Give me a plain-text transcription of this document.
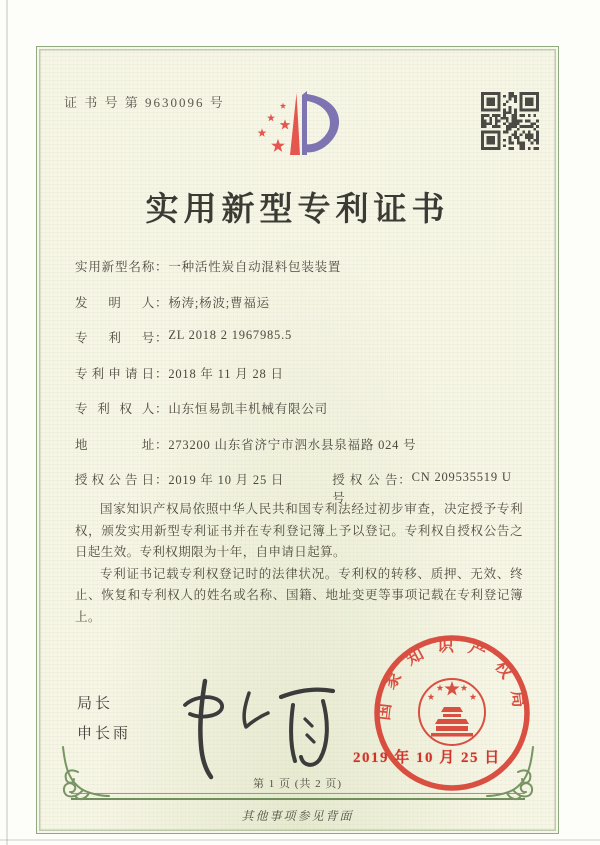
证 书 号 第 9630096 号
实用新型专利证书
实用新型名称 ： 一种活性炭自动混料包装装置
发明人 ： 杨涛;杨波;曹福运
专利号 ： ZL 2018 2 1967985.5
专利申请日 ： 2018 年 11 月 28 日
专利权人 ： 山东恒易凯丰机械有限公司
地址 ： 273200 山东省济宁市泗水县泉福路 024 号
授权公告日 ： 2019 年 10 月 25 日	授权公告号
： CN 209535519 U

国家知识产权局依照中华人民共和国专利法经过初步审查，决定授予专利权，颁发实用新型专利证书并在专利登记簿上予以登记。专利权自授权公告之日起生效。专利权期限为十年，自申请日起算。

专利证书记载专利权登记时的法律状况。专利权的转移、质押、无效、终止、恢复和专利权人的姓名或名称、国籍、地址变更等事项记载在专利登记簿上。

局长
申长雨
国家知识产权局
2019 年 10 月 25 日
第 1 页 (共 2 页)
其他事项参见背面
